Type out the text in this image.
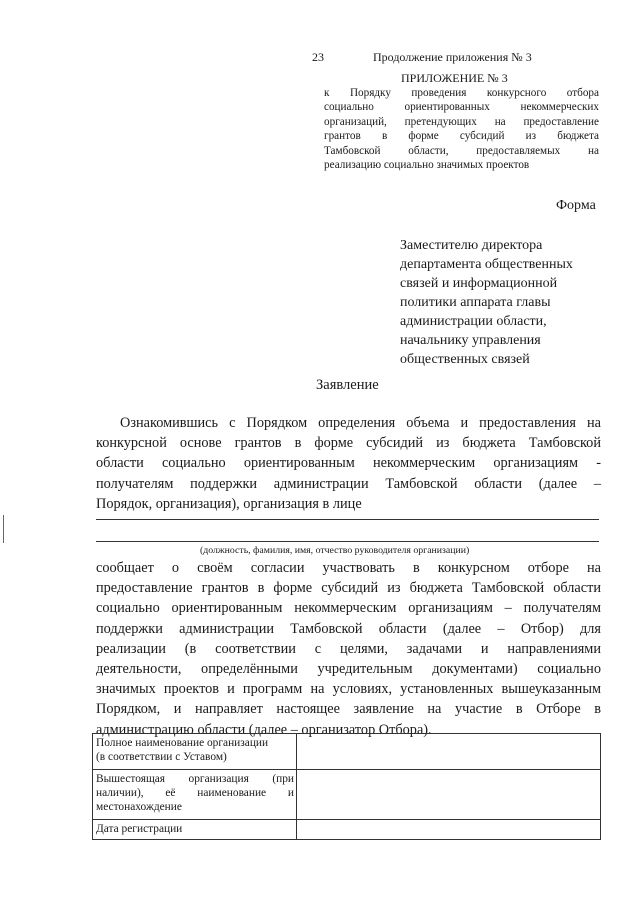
23	Продолжение приложения № 3
ПРИЛОЖЕНИЕ № 3
к Порядку проведения конкурсного отбора
социально ориентированных некоммерческих
организаций, претендующих на предоставление
грантов в форме субсидий из бюджета
Тамбовской области, предоставляемых на
реализацию социально значимых проектов
Форма
Заместителю директора
департамента общественных
связей и информационной
политики аппарата главы
администрации области,
начальнику управления
общественных связей
Заявление
Ознакомившись с Порядком определения объема и предоставления на
конкурсной основе грантов в форме субсидий из бюджета Тамбовской
области социально ориентированным некоммерческим организациям -
получателям поддержки администрации Тамбовской области (далее –
Порядок, организация), организация в лице
(должность, фамилия, имя, отчество руководителя организации)
сообщает о своём согласии участвовать в конкурсном отборе на
предоставление грантов в форме субсидий из бюджета Тамбовской области
социально ориентированным некоммерческим организациям – получателям
поддержки администрации Тамбовской области (далее – Отбор) для
реализации (в соответствии с целями, задачами и направлениями
деятельности, определёнными учредительным документами) социально
значимых проектов и программ на условиях, установленных вышеуказанным
Порядком, и направляет настоящее заявление на участие в Отборе в
администрацию области (далее – организатор Отбора).
Полное наименование организации
(в соответствии с Уставом)	

Вышестоящая организация (при
наличии), её наименование и
местонахождение	

Дата регистрации	
